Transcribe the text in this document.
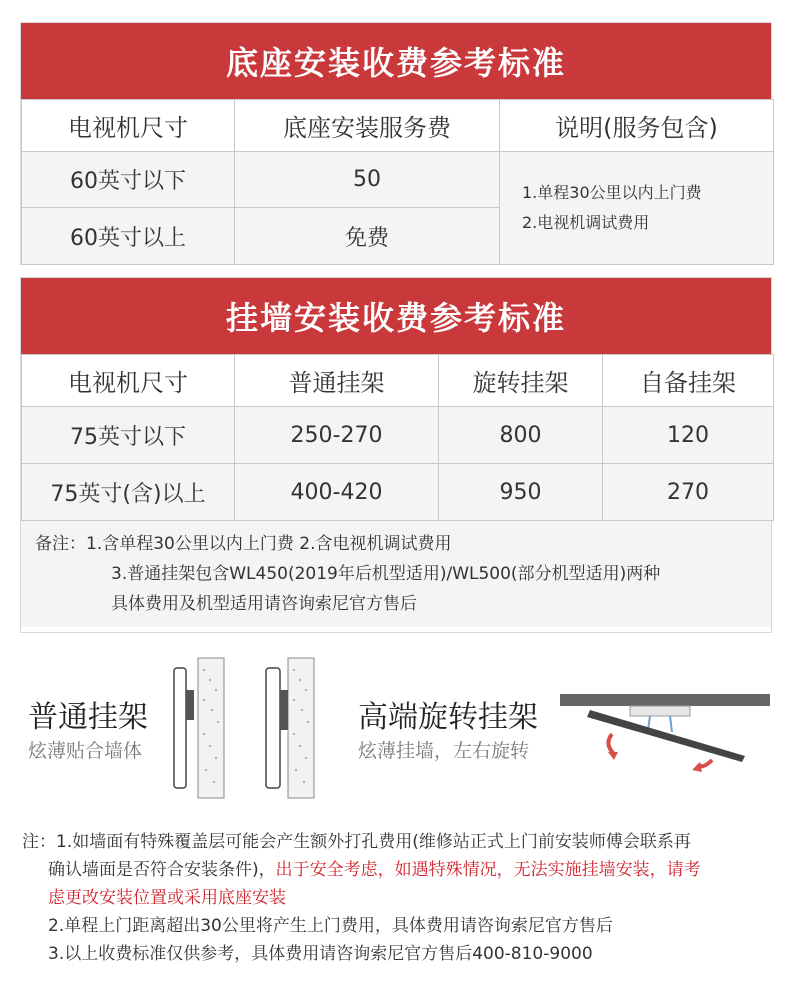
底座安装收费参考标准
电视机尺寸	底座安装服务费	说明(服务包含)
60英寸以下	50	1.单程30公里以内上门费
2.电视机调试费用

60英寸以上	免费	
挂墙安装收费参考标准
电视机尺寸	普通挂架	旋转挂架	自备挂架
75英寸以下	250-270	800	120
75英寸(含)以上	400-420	950	270
备注：1.含单程30公里以内上门费 2.含电视机调试费用
3.普通挂架包含WL450(2019年后机型适用)/WL500(部分机型适用)两种
具体费用及机型适用请咨询索尼官方售后
普通挂架
炫薄贴合墙体
高端旋转挂架
炫薄挂墙，左右旋转
注：1.如墙面有特殊覆盖层可能会产生额外打孔费用(维修站正式上门前安装师傅会联系再
确认墙面是否符合安装条件)，出于安全考虑，如遇特殊情况，无法实施挂墙安装，请考
虑更改安装位置或采用底座安装
2.单程上门距离超出30公里将产生上门费用，具体费用请咨询索尼官方售后
3.以上收费标准仅供参考，具体费用请咨询索尼官方售后400-810-9000
